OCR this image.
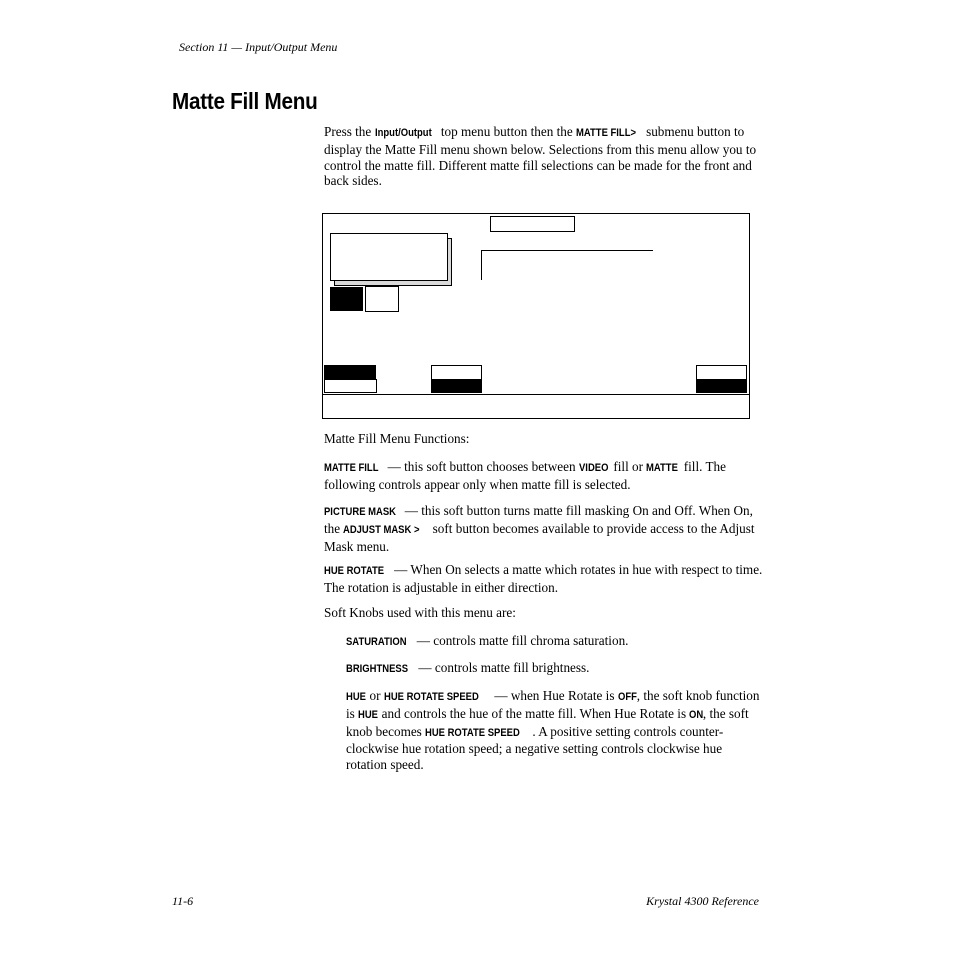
Section 11 — Input/Output Menu
Matte Fill Menu

Press the Input/Output top menu button then the MATTE FILL> submenu button to display the Matte Fill menu shown below. Selections from this menu allow you to control the matte fill. Different matte fill selections can be made for the front and back sides.

Matte Fill Menu Functions:

MATTE FILL — this soft button chooses between VIDEO fill or MATTE fill. The following controls appear only when matte fill is selected.

PICTURE MASK — this soft button turns matte fill masking On and Off. When On, the ADJUST MASK > soft button becomes available to provide access to the Adjust Mask menu.

HUE ROTATE — When On selects a matte which rotates in hue with respect to time. The rotation is adjustable in either direction.

Soft Knobs used with this menu are:

SATURATION — controls matte fill chroma saturation.

BRIGHTNESS — controls matte fill brightness.

HUE or HUE ROTATE SPEED — when Hue Rotate is OFF, the soft knob function is HUE and controls the hue of the matte fill. When Hue Rotate is ON, the soft knob becomes HUE ROTATE SPEED . A positive setting controls counter-clockwise hue rotation speed; a negative setting controls clockwise hue rotation speed.

11-6	Krystal 4300 Reference
